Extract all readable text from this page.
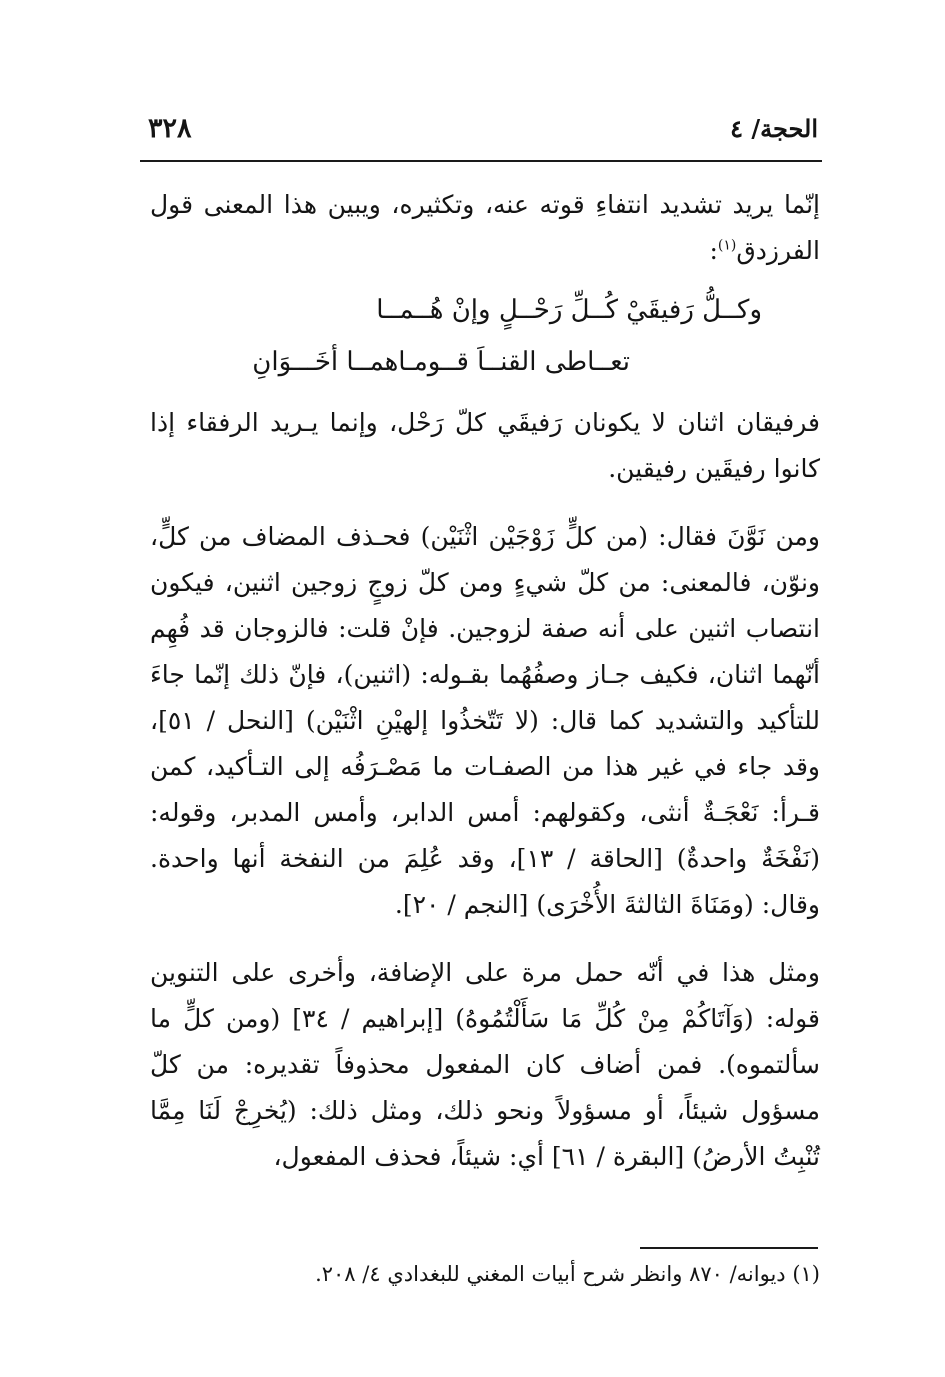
٣٢٨	الحجة/ ٤

إنّما يريد تشديد انتفاءِ قوته عنه، وتكثيره، ويبين هذا المعنى قول الفرزدق$^{(١)}$:

وكــلُّ رَفيقَيْ كُــلِّ رَحْــلٍ وإنْ هُــمــا
تعــاطى القنــاَ قــومـاهمــا أخَـــوَانِ

فرفيقان اثنان لا يكونان رَفيقَي كلّ رَحْل، وإنما يـريد الرفقاء إذا كانوا رفيقَين رفيقين.

ومن نَوَّنَ فقال: (من كلٍّ زَوْجَيْن اثْنَيْن) فحـذف المضاف من كلٍّ، ونوّن، فالمعنى: من كلّ شيءٍ ومن كلّ زوجٍ زوجين اثنين، فيكون انتصاب اثنين على أنه صفة لزوجين. فإنْ قلت: فالزوجان قد فُهِم أنّهما اثنان، فكيف جـاز وصفُهُما بقـوله: (اثنين)، فإنّ ذلك إنّما جاءَ للتأكيد والتشديد كما قال: (لا تَتّخذُوا إلهيْنِ اثْنَيْن) [النحل / ٥١]، وقد جاء في غير هذا من الصفـات ما مَصْـرَفُه إلى التـأكيد، كمن قـرأ: نَعْجَـةٌ أنثى، وكقولهم: أمس الدابر، وأمس المدبر، وقوله: (نَفْخَةٌ واحدةٌ) [الحاقة / ١٣]، وقد عُلِمَ من النفخة أنها واحدة. وقال: (ومَنَاةَ الثالثةَ الأُخْرَى) [النجم / ٢٠].

ومثل هذا في أنّه حمل مرة على الإضافة، وأخرى على التنوين قوله: (وَآتَاكُمْ مِنْ كُلِّ مَا سَأَلْتُمُوهُ) [إبراهيم / ٣٤] (ومن كلٍّ ما سألتموه). فمن أضاف كان المفعول محذوفاً تقديره: من كلّ مسؤول شيئاً، أو مسؤولاً ونحو ذلك، ومثل ذلك: (يُخرِجْ لَنَا مِمَّا تُنْبِتُ الأرضُ) [البقرة / ٦١] أي: شيئاً، فحذف المفعول،

(١) ديوانه/ ٨٧٠ وانظر شرح أبيات المغني للبغدادي ٤/ ٢٠٨.
